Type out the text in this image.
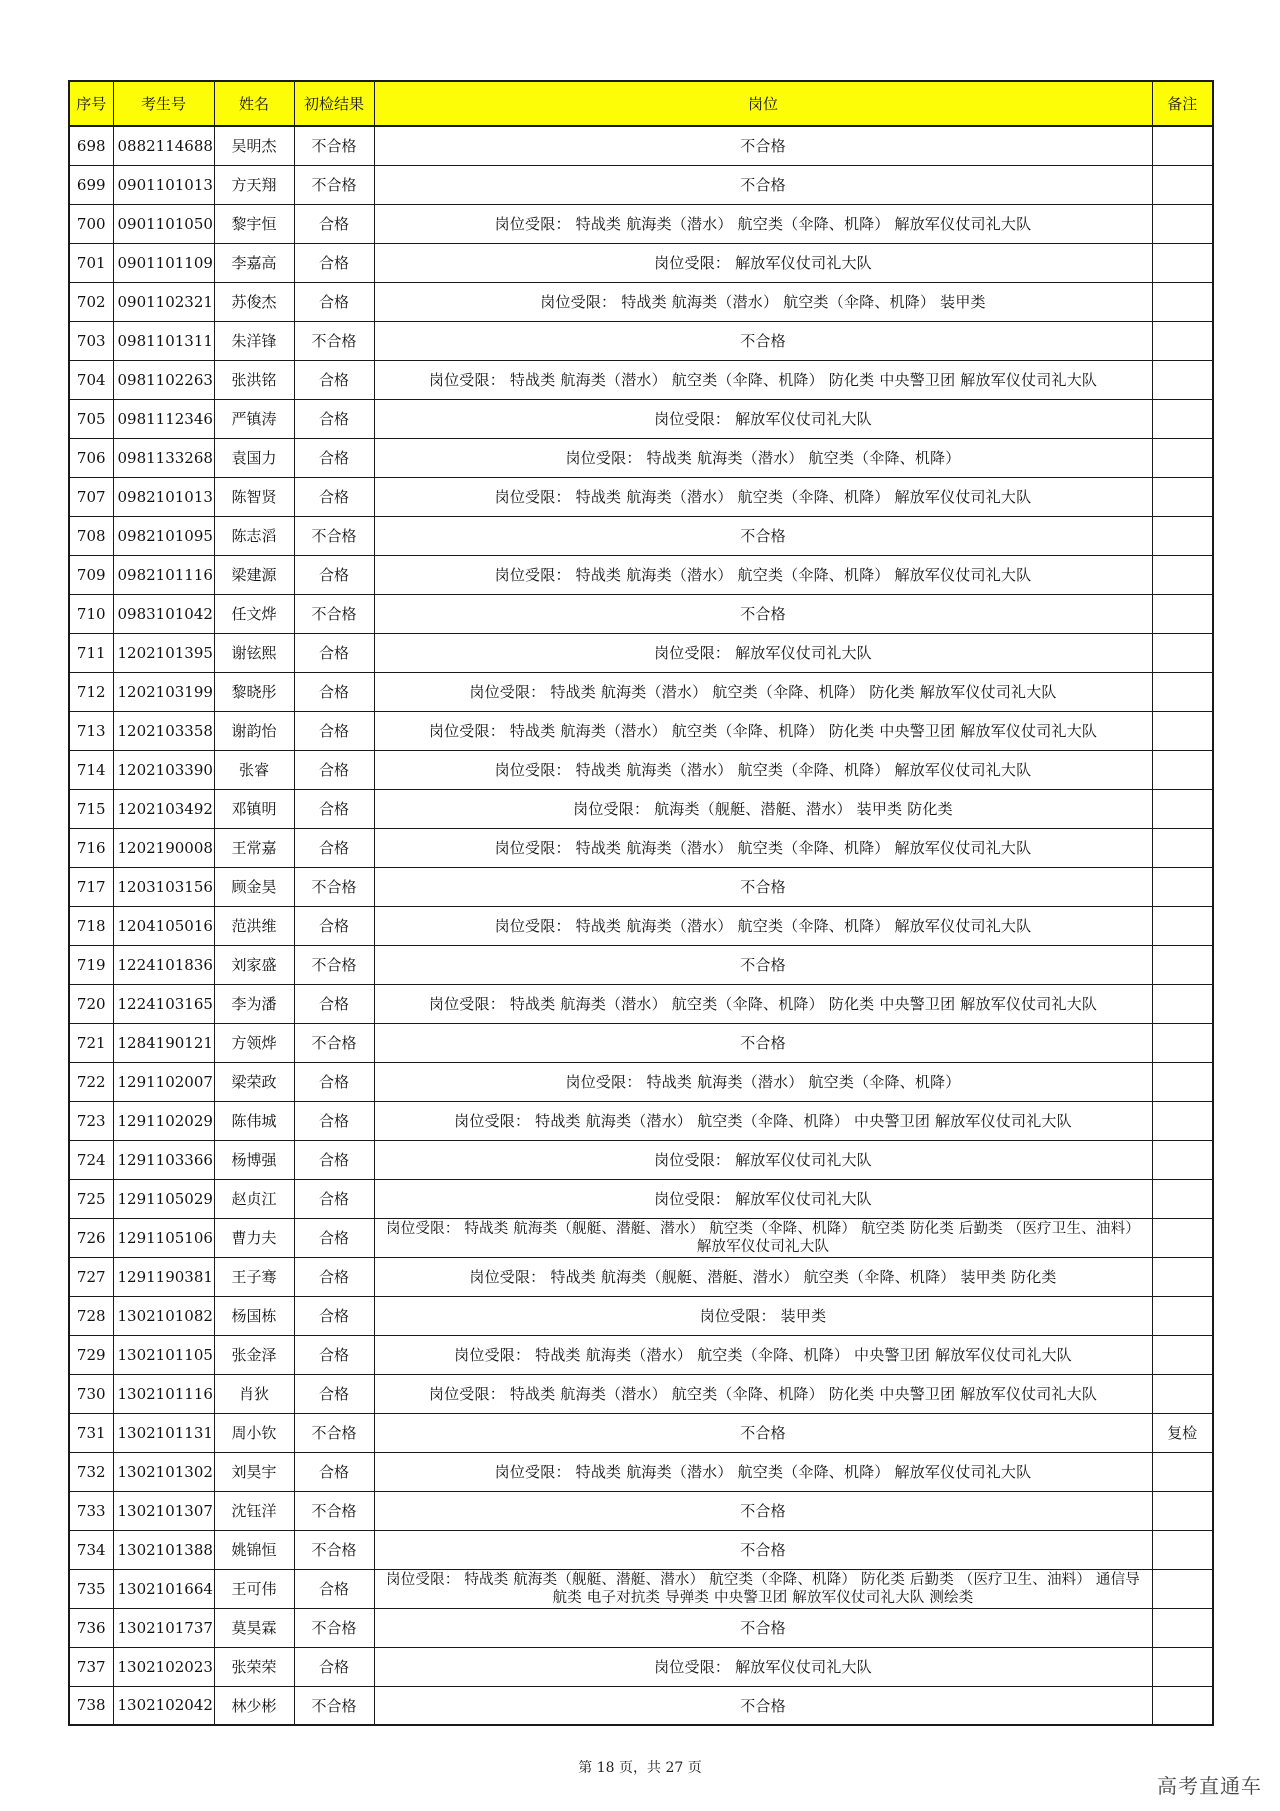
序号	考生号	姓名	初检结果	岗位	备注
698	0882114688	吴明杰	不合格	不合格	
699	0901101013	方天翔	不合格	不合格	
700	0901101050	黎宇恒	合格	岗位受限： 特战类 航海类（潜水） 航空类（伞降、机降） 解放军仪仗司礼大队	
701	0901101109	李嘉高	合格	岗位受限： 解放军仪仗司礼大队	
702	0901102321	苏俊杰	合格	岗位受限： 特战类 航海类（潜水） 航空类（伞降、机降） 装甲类	
703	0981101311	朱洋锋	不合格	不合格	
704	0981102263	张洪铭	合格	岗位受限： 特战类 航海类（潜水） 航空类（伞降、机降） 防化类 中央警卫团 解放军仪仗司礼大队	
705	0981112346	严镇涛	合格	岗位受限： 解放军仪仗司礼大队	
706	0981133268	袁国力	合格	岗位受限： 特战类 航海类（潜水） 航空类（伞降、机降）	
707	0982101013	陈智贤	合格	岗位受限： 特战类 航海类（潜水） 航空类（伞降、机降） 解放军仪仗司礼大队	
708	0982101095	陈志滔	不合格	不合格	
709	0982101116	梁建源	合格	岗位受限： 特战类 航海类（潜水） 航空类（伞降、机降） 解放军仪仗司礼大队	
710	0983101042	任文烨	不合格	不合格	
711	1202101395	谢铉熙	合格	岗位受限： 解放军仪仗司礼大队	
712	1202103199	黎晓彤	合格	岗位受限： 特战类 航海类（潜水） 航空类（伞降、机降） 防化类 解放军仪仗司礼大队	
713	1202103358	谢韵怡	合格	岗位受限： 特战类 航海类（潜水） 航空类（伞降、机降） 防化类 中央警卫团 解放军仪仗司礼大队	
714	1202103390	张睿	合格	岗位受限： 特战类 航海类（潜水） 航空类（伞降、机降） 解放军仪仗司礼大队	
715	1202103492	邓镇明	合格	岗位受限： 航海类（舰艇、潜艇、潜水） 装甲类 防化类	
716	1202190008	王常嘉	合格	岗位受限： 特战类 航海类（潜水） 航空类（伞降、机降） 解放军仪仗司礼大队	
717	1203103156	顾金昊	不合格	不合格	
718	1204105016	范洪维	合格	岗位受限： 特战类 航海类（潜水） 航空类（伞降、机降） 解放军仪仗司礼大队	
719	1224101836	刘家盛	不合格	不合格	
720	1224103165	李为潘	合格	岗位受限： 特战类 航海类（潜水） 航空类（伞降、机降） 防化类 中央警卫团 解放军仪仗司礼大队	
721	1284190121	方领烨	不合格	不合格	
722	1291102007	梁荣政	合格	岗位受限： 特战类 航海类（潜水） 航空类（伞降、机降）	
723	1291102029	陈伟城	合格	岗位受限： 特战类 航海类（潜水） 航空类（伞降、机降） 中央警卫团 解放军仪仗司礼大队	
724	1291103366	杨博强	合格	岗位受限： 解放军仪仗司礼大队	
725	1291105029	赵贞江	合格	岗位受限： 解放军仪仗司礼大队	
726	1291105106	曹力夫	合格	岗位受限： 特战类 航海类（舰艇、潜艇、潜水） 航空类（伞降、机降） 航空类 防化类 后勤类 （医疗卫生、油料） 解放军仪仗司礼大队	
727	1291190381	王子骞	合格	岗位受限： 特战类 航海类（舰艇、潜艇、潜水） 航空类（伞降、机降） 装甲类 防化类	
728	1302101082	杨国栋	合格	岗位受限： 装甲类	
729	1302101105	张金泽	合格	岗位受限： 特战类 航海类（潜水） 航空类（伞降、机降） 中央警卫团 解放军仪仗司礼大队	
730	1302101116	肖狄	合格	岗位受限： 特战类 航海类（潜水） 航空类（伞降、机降） 防化类 中央警卫团 解放军仪仗司礼大队	
731	1302101131	周小钦	不合格	不合格	复检
732	1302101302	刘昊宇	合格	岗位受限： 特战类 航海类（潜水） 航空类（伞降、机降） 解放军仪仗司礼大队	
733	1302101307	沈钰洋	不合格	不合格	
734	1302101388	姚锦恒	不合格	不合格	
735	1302101664	王可伟	合格	岗位受限： 特战类 航海类（舰艇、潜艇、潜水） 航空类（伞降、机降） 防化类 后勤类 （医疗卫生、油料） 通信导航类 电子对抗类 导弹类 中央警卫团 解放军仪仗司礼大队 测绘类	
736	1302101737	莫昊霖	不合格	不合格	
737	1302102023	张荣荣	合格	岗位受限： 解放军仪仗司礼大队	
738	1302102042	林少彬	不合格	不合格	
第 18 页，共 27 页
高考直通车
